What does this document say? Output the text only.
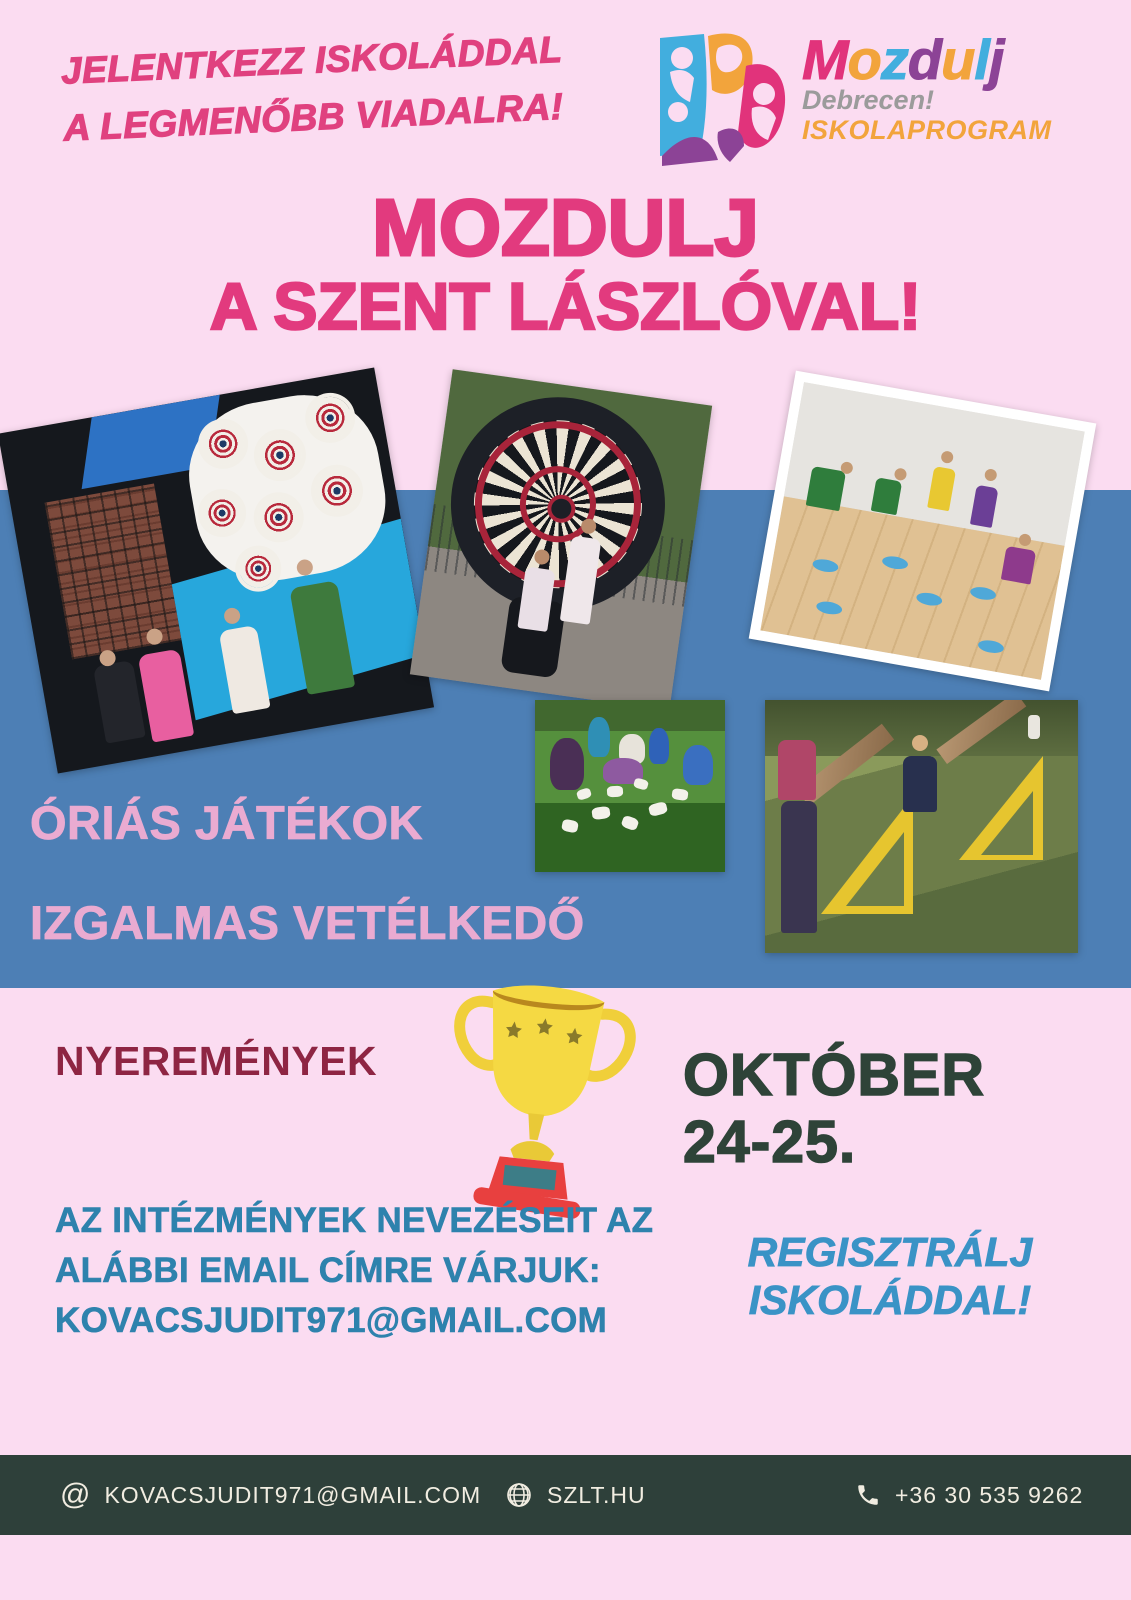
JELENTKEZZ ISKOLÁDDAL
A LEGMENŐBB VIADALRA!
Mozdulj
Debrecen!
ISKOLAPROGRAM
MOZDULJ
A SZENT LÁSZLÓVAL!
ÓRIÁS JÁTÉKOK
IZGALMAS VETÉLKEDŐ
NYEREMÉNYEK	OKTÓBER
24-25.
AZ INTÉZMÉNYEK NEVEZÉSEIT AZ
ALÁBBI EMAIL CÍMRE VÁRJUK:
KOVACSJUDIT971@GMAIL.COM
REGISZTRÁLJ
ISKOLÁDDAL!
@ KOVACSJUDIT971@GMAIL.COM	SZLT.HU	+36 30 535 9262
